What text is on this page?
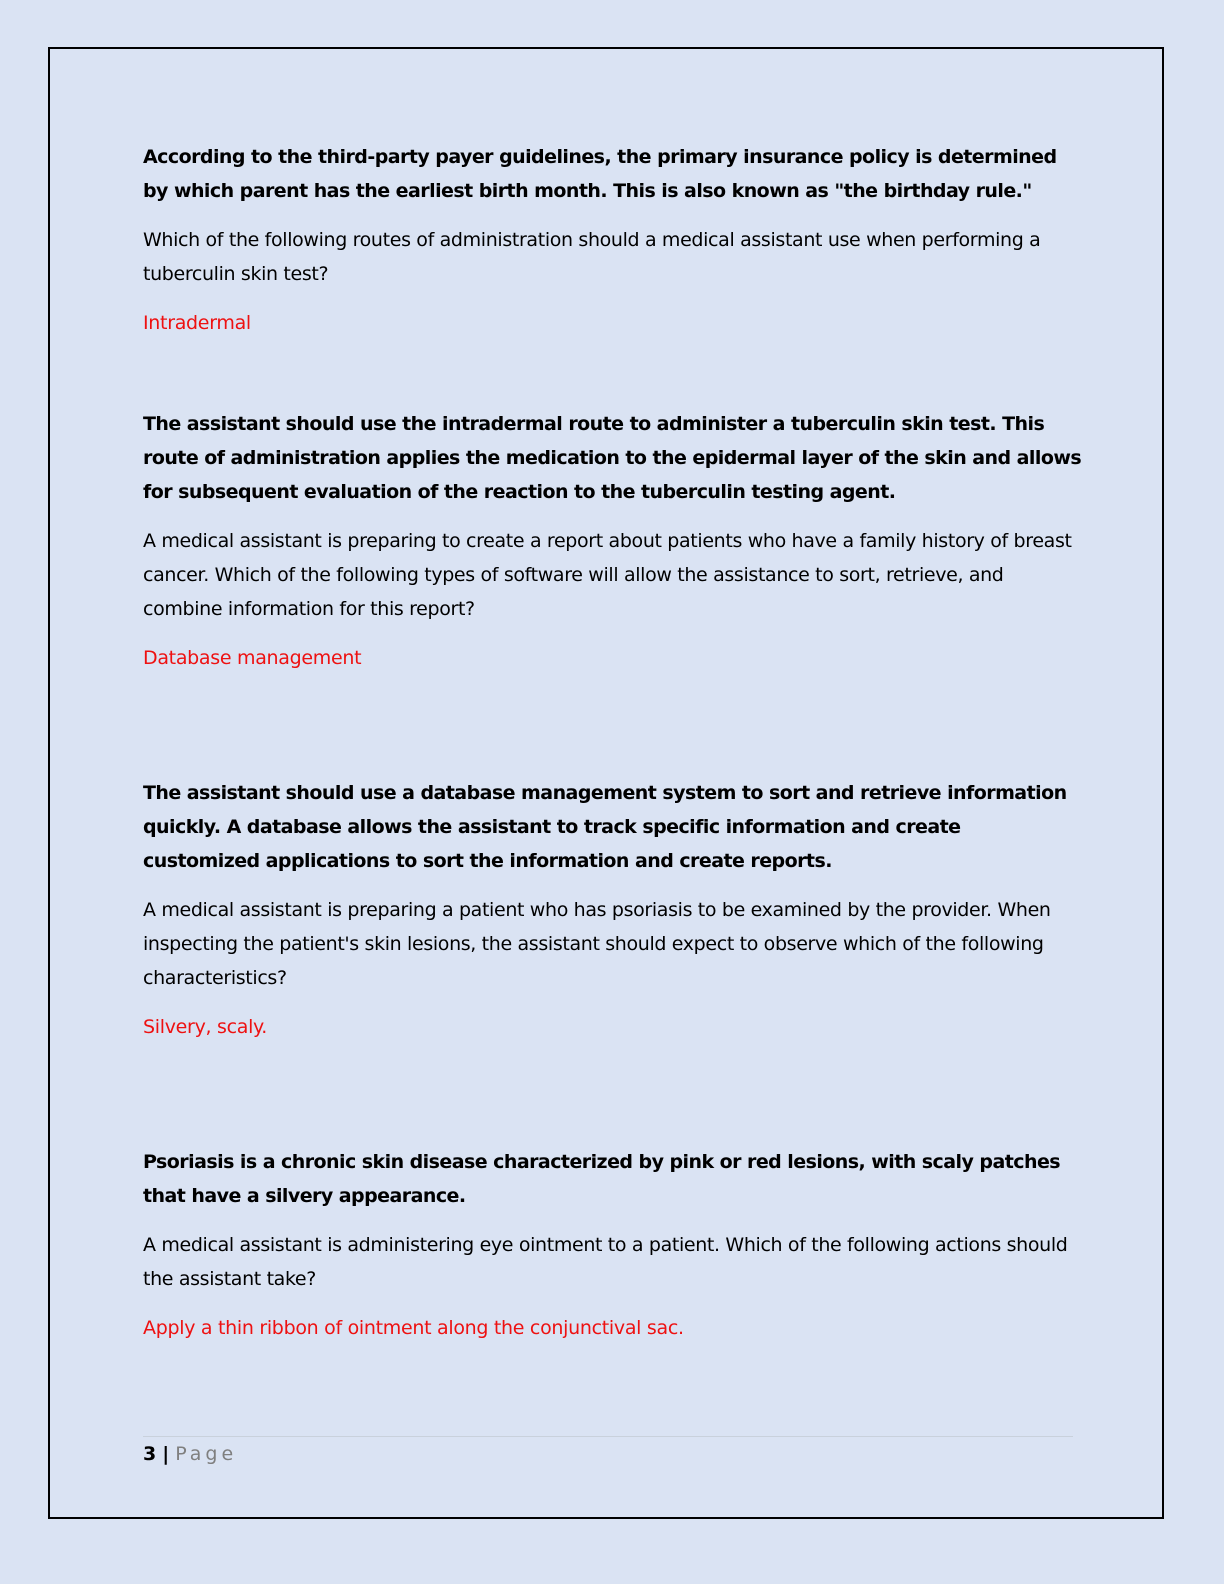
According to the third-party payer guidelines, the primary insurance policy is determined by which parent has the earliest birth month. This is also known as "the birthday rule."

Which of the following routes of administration should a medical assistant use when performing a tuberculin skin test?

Intradermal

The assistant should use the intradermal route to administer a tuberculin skin test. This route of administration applies the medication to the epidermal layer of the skin and allows for subsequent evaluation of the reaction to the tuberculin testing agent.

A medical assistant is preparing to create a report about patients who have a family history of breast cancer. Which of the following types of software will allow the assistance to sort, retrieve, and combine information for this report?

Database management

The assistant should use a database management system to sort and retrieve information quickly. A database allows the assistant to track specific information and create customized applications to sort the information and create reports.

A medical assistant is preparing a patient who has psoriasis to be examined by the provider. When inspecting the patient's skin lesions, the assistant should expect to observe which of the following characteristics?

Silvery, scaly.

Psoriasis is a chronic skin disease characterized by pink or red lesions, with scaly patches that have a silvery appearance.

A medical assistant is administering eye ointment to a patient. Which of the following actions should the assistant take?

Apply a thin ribbon of ointment along the conjunctival sac.

3 | Page
